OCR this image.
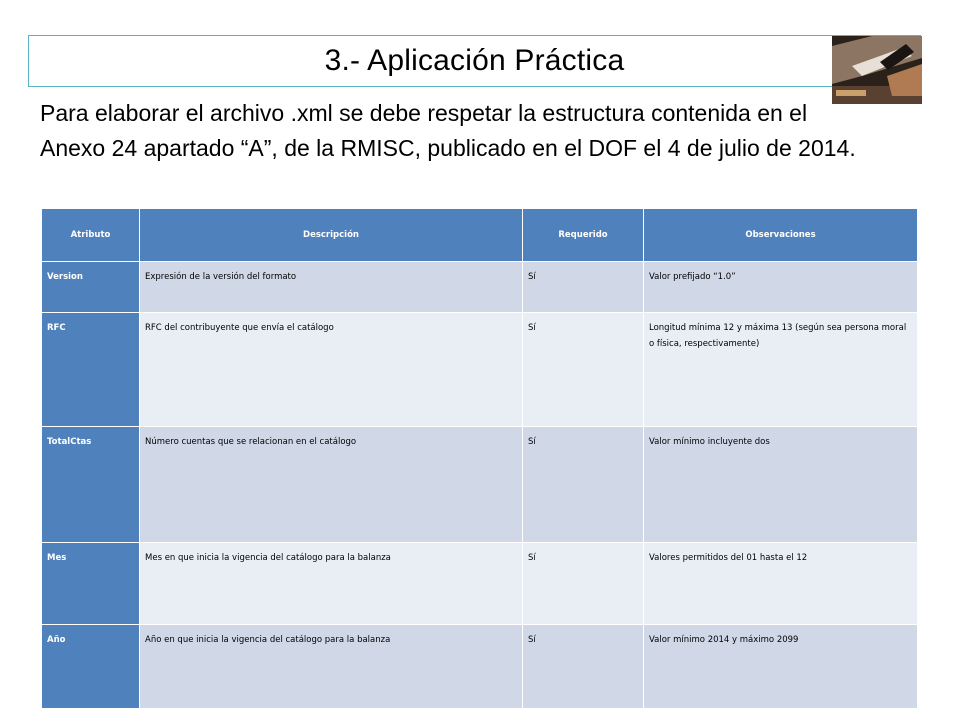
3.- Aplicación Práctica
Para elaborar el archivo .xml se debe respetar la estructura contenida en el Anexo 24 apartado “A”, de la RMISC, publicado en el DOF el 4 de julio de 2014.
Atributo	Descripción	Requerido	Observaciones
Version	Expresión de la versión del formato	Sí	Valor prefijado “1.0”
RFC	RFC del contribuyente que envía el catálogo	Sí	Longitud mínima 12 y máxima 13 (según sea persona moral o física, respectivamente)
TotalCtas	Número cuentas que se relacionan en el catálogo	Sí	Valor mínimo incluyente dos
Mes	Mes en que inicia la vigencia del catálogo para la balanza	Sí	Valores permitidos del 01 hasta el 12
Año	Año en que inicia la vigencia del catálogo para la balanza	Sí	Valor mínimo 2014 y máximo 2099
